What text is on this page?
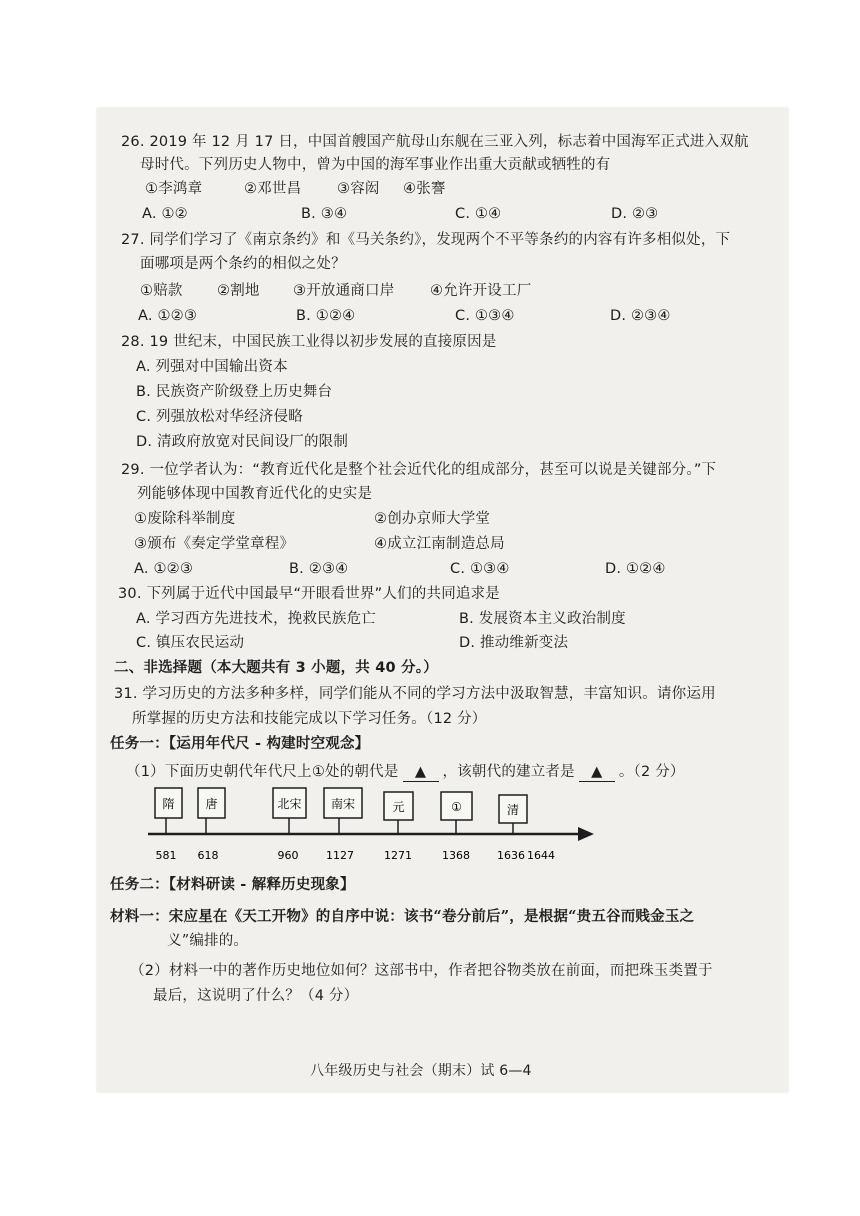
26. 2019 年 12 月 17 日，中国首艘国产航母山东舰在三亚入列，标志着中国海军正式进入双航
母时代。下列历史人物中，曾为中国的海军事业作出重大贡献或牺牲的有
①李鸿章	②邓世昌 ③容闳 ④张謇
A. ①②	B. ③④	C. ①④	D. ②③
27. 同学们学习了《南京条约》和《马关条约》，发现两个不平等条约的内容有许多相似处，下
面哪项是两个条约的相似之处？
①赔款 ②割地 ③开放通商口岸 ④允许开设工厂
A. ①②③	B. ①②④	C. ①③④	D. ②③④
28. 19 世纪末，中国民族工业得以初步发展的直接原因是
A. 列强对中国输出资本
B. 民族资产阶级登上历史舞台
C. 列强放松对华经济侵略
D. 清政府放宽对民间设厂的限制
29. 一位学者认为：“教育近代化是整个社会近代化的组成部分，甚至可以说是关键部分。”下
列能够体现中国教育近代化的史实是
①废除科举制度	②创办京师大学堂
③颁布《奏定学堂章程》	④成立江南制造总局
A. ①②③	B. ②③④	C. ①③④	D. ①②④
30. 下列属于近代中国最早“开眼看世界”人们的共同追求是
A. 学习西方先进技术，挽救民族危亡	B. 发展资本主义政治制度
C. 镇压农民运动	D. 推动维新变法
二、非选择题（本大题共有 3 小题，共 40 分。）
31. 学习历史的方法多种多样，同学们能从不同的学习方法中汲取智慧，丰富知识。请你运用
所掌握的历史方法和技能完成以下学习任务。（12 分）
任务一：【运用年代尺 - 构建时空观念】
（1）下面历史朝代年代尺上①处的朝代是 ▲ ，该朝代的建立者是 ▲ 。（2 分）
隋	唐	北宋 南宋	元	①	清
581 618	960	1127	1271	1368 1636 1644
任务二：【材料研读 - 解释历史现象】
材料一：宋应星在《天工开物》的自序中说：该书“卷分前后”，是根据“贵五谷而贱金玉之
义”编排的。
（2）材料一中的著作历史地位如何？这部书中，作者把谷物类放在前面，而把珠玉类置于
最后，这说明了什么？（4 分）
八年级历史与社会（期末）试 6—4
